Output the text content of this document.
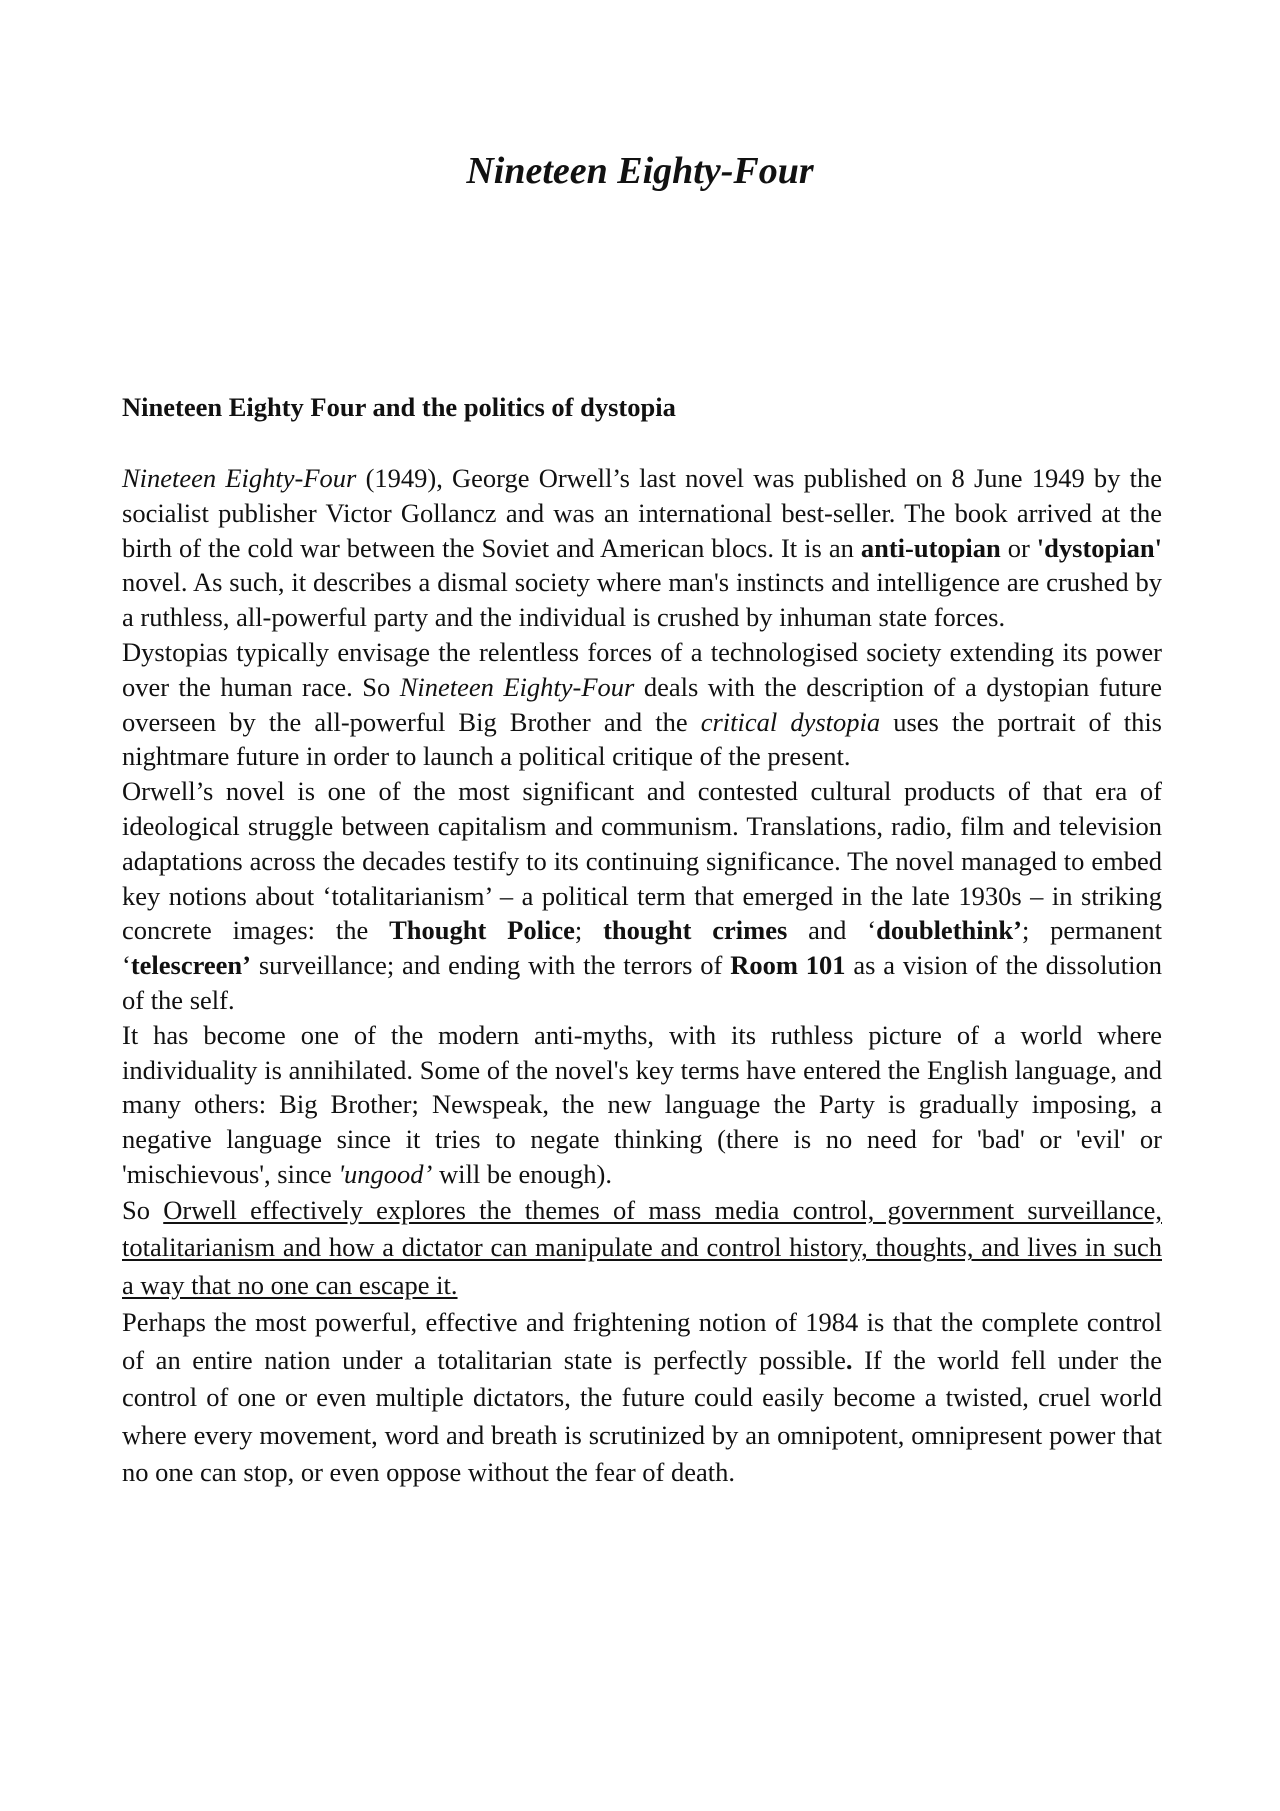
Nineteen Eighty-Four
Nineteen Eighty Four and the politics of dystopia

Nineteen Eighty-Four (1949), George Orwell’s last novel was published on 8 June 1949 by the socialist publisher Victor Gollancz and was an international best-seller. The book arrived at the birth of the cold war between the Soviet and American blocs. It is an anti-utopian or 'dystopian' novel. As such, it describes a dismal society where man's instincts and intelligence are crushed by a ruthless, all-powerful party and the individual is crushed by inhuman state forces.

Dystopias typically envisage the relentless forces of a technologised society extending its power over the human race. So Nineteen Eighty-Four deals with the description of a dystopian future overseen by the all-powerful Big Brother and the critical dystopia uses the portrait of this nightmare future in order to launch a political critique of the present.

Orwell’s novel is one of the most significant and contested cultural products of that era of ideological struggle between capitalism and communism. Translations, radio, film and television adaptations across the decades testify to its continuing significance. The novel managed to embed key notions about ‘totalitarianism’ – a political term that emerged in the late 1930s – in striking concrete images: the Thought Police; thought crimes and ‘doublethink’; permanent ‘telescreen’ surveillance; and ending with the terrors of Room 101 as a vision of the dissolution of the self.

It has become one of the modern anti-myths, with its ruthless picture of a world where individuality is annihilated. Some of the novel's key terms have entered the English language, and many others: Big Brother; Newspeak, the new language the Party is gradually imposing, a negative language since it tries to negate thinking (there is no need for 'bad' or 'evil' or 'mischievous', since 'ungood’ will be enough).

So Orwell effectively explores the themes of mass media control, government surveillance, totalitarianism and how a dictator can manipulate and control history, thoughts, and lives in such a way that no one can escape it.

Perhaps the most powerful, effective and frightening notion of 1984 is that the complete control of an entire nation under a totalitarian state is perfectly possible. If the world fell under the control of one or even multiple dictators, the future could easily become a twisted, cruel world where every movement, word and breath is scrutinized by an omnipotent, omnipresent power that no one can stop, or even oppose without the fear of death.
